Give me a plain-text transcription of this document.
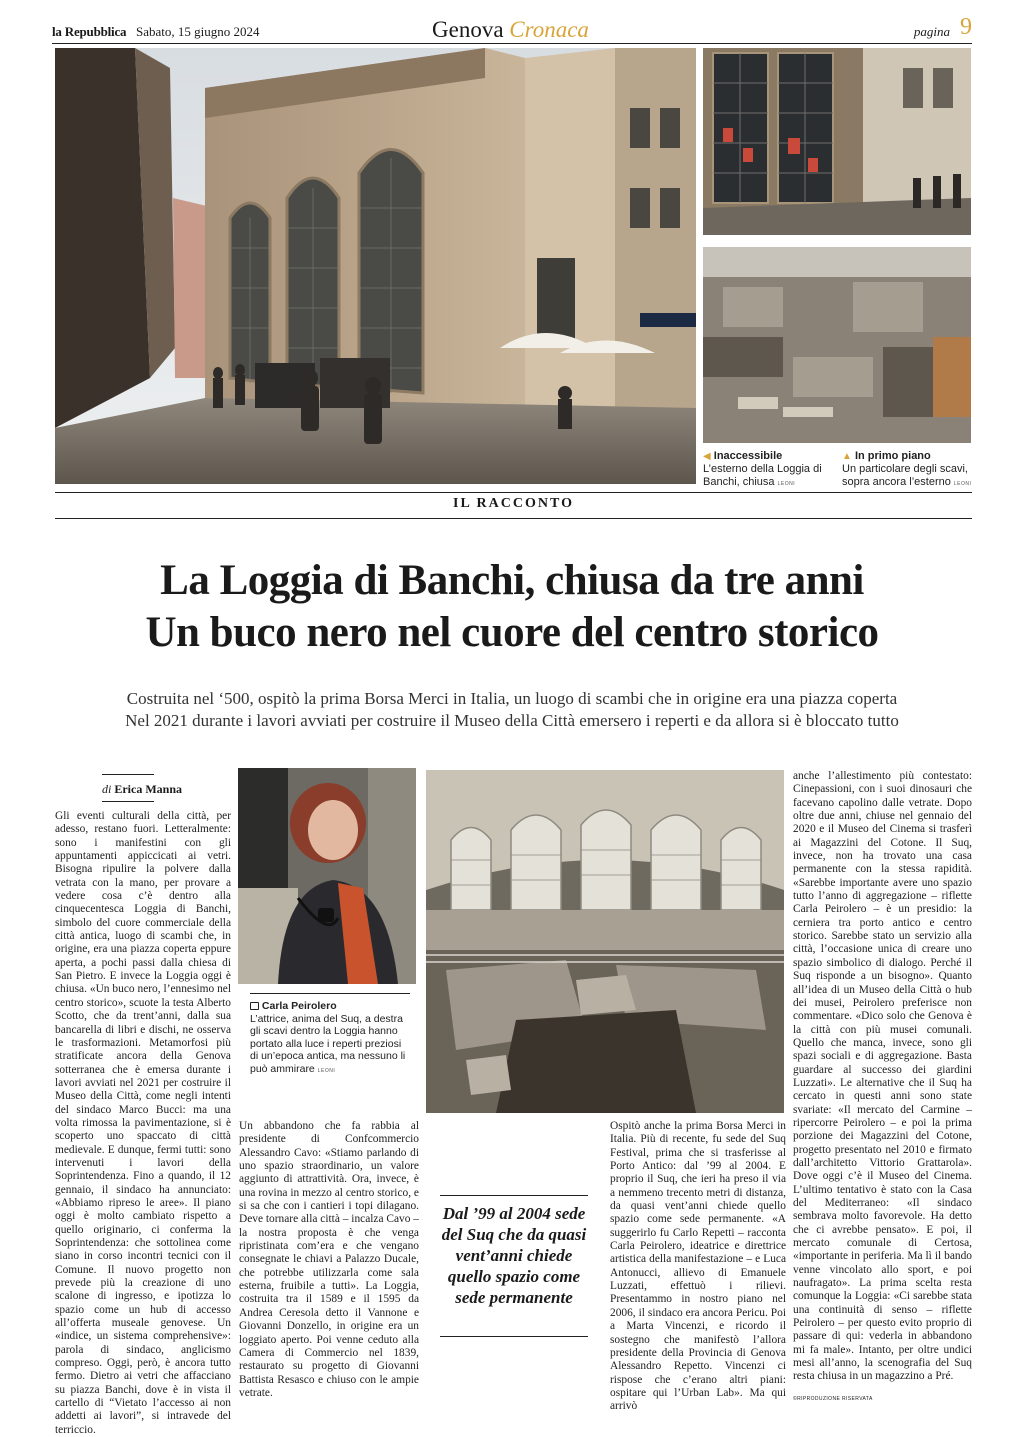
la Repubblica Sabato, 15 giugno 2024	Genova Cronaca	pagina 9
◀ Inaccessibile
L’esterno della Loggia di Banchi, chiusa LEONI
▲ In primo piano
Un particolare degli scavi, sopra ancora l’esterno LEONI
IL RACCONTO
La Loggia di Banchi, chiusa da tre anni
Un buco nero nel cuore del centro storico
Costruita nel ‘500, ospitò la prima Borsa Merci in Italia, un luogo di scambi che in origine era una piazza coperta
Nel 2021 durante i lavori avviati per costruire il Museo della Città emersero i reperti e da allora si è bloccato tutto
di Erica Manna

Gli eventi culturali della città, per adesso, restano fuori. Letteralmente: sono i manifestini con gli appuntamenti appiccicati ai vetri. Bisogna ripulire la polvere dalla vetrata con la mano, per provare a vedere cosa c’è dentro alla cinquecentesca Loggia di Banchi, simbolo del cuore commerciale della città antica, luogo di scambi che, in origine, era una piazza coperta eppure aperta, a pochi passi dalla chiesa di San Pietro. E invece la Loggia oggi è chiusa. «Un buco nero, l’ennesimo nel centro storico», scuote la testa Alberto Scotto, che da trent’anni, dalla sua bancarella di libri e dischi, ne osserva le trasformazioni. Metamorfosi più stratificate ancora della Genova sotterranea che è emersa durante i lavori avviati nel 2021 per costruire il Museo della Città, come negli intenti del sindaco Marco Bucci: ma una volta rimossa la pavimentazione, si è scoperto uno spaccato di città medievale. E dunque, fermi tutti: sono intervenuti i lavori della Soprintendenza. Fino a quando, il 12 gennaio, il sindaco ha annunciato: «Abbiamo ripreso le aree». Il piano oggi è molto cambiato rispetto a quello originario, ci conferma la Soprintendenza: che sottolinea come siano in corso incontri tecnici con il Comune. Il nuovo progetto non prevede più la creazione di uno scalone di ingresso, e ipotizza lo spazio come un hub di accesso all’offerta museale genovese. Un «indice, un sistema comprehensive»: parola di sindaco, anglicismo compreso. Oggi, però, è ancora tutto fermo. Dietro ai vetri che affacciano su piazza Banchi, dove è in vista il cartello di “Vietato l’accesso ai non addetti ai lavori”, si intravede del terriccio.

Carla Peirolero
L’attrice, anima del Suq, a destra gli scavi dentro la Loggia hanno portato alla luce i reperti preziosi di un’epoca antica, ma nessuno li può ammirare LEONI

Un abbandono che fa rabbia al presidente di Confcommercio Alessandro Cavo: «Stiamo parlando di uno spazio straordinario, un valore aggiunto di attrattività. Ora, invece, è una rovina in mezzo al centro storico, e si sa che con i cantieri i topi dilagano. Deve tornare alla città – incalza Cavo – la nostra proposta è che venga ripristinata com’era e che vengano consegnate le chiavi a Palazzo Ducale, che potrebbe utilizzarla come sala esterna, fruibile a tutti». La Loggia, costruita tra il 1589 e il 1595 da Andrea Ceresola detto il Vannone e Giovanni Donzello, in origine era un loggiato aperto. Poi venne ceduto alla Camera di Commercio nel 1839, restaurato su progetto di Giovanni Battista Resasco e chiuso con le ampie vetrate.

Dal ’99 al 2004 sede del Suq che da quasi vent’anni chiede quello spazio come sede permanente

Ospitò anche la prima Borsa Merci in Italia. Più di recente, fu sede del Suq Festival, prima che si trasferisse al Porto Antico: dal ’99 al 2004. E proprio il Suq, che ieri ha preso il via a nemmeno trecento metri di distanza, da quasi vent’anni chiede quello spazio come sede permanente. «A suggerirlo fu Carlo Repetti – racconta Carla Peirolero, ideatrice e direttrice artistica della manifestazione – e Luca Antonucci, allievo di Emanuele Luzzati, effettuò i rilievi. Presentammo in nostro piano nel 2006, il sindaco era ancora Pericu. Poi a Marta Vincenzi, e ricordo il sostegno che manifestò l’allora presidente della Provincia di Genova Alessandro Repetto. Vincenzi ci rispose che c’erano altri piani: ospitare qui l’Urban Lab». Ma qui arrivò

anche l’allestimento più contestato: Cinepassioni, con i suoi dinosauri che facevano capolino dalle vetrate. Dopo oltre due anni, chiuse nel gennaio del 2020 e il Museo del Cinema si trasferì ai Magazzini del Cotone. Il Suq, invece, non ha trovato una casa permanente con la stessa rapidità. «Sarebbe importante avere uno spazio tutto l’anno di aggregazione – riflette Carla Peirolero – è un presidio: la cerniera tra porto antico e centro storico. Sarebbe stato un servizio alla città, l’occasione unica di creare uno spazio simbolico di dialogo. Perché il Suq risponde a un bisogno». Quanto all’idea di un Museo della Città o hub dei musei, Peirolero preferisce non commentare. «Dico solo che Genova è la città con più musei comunali. Quello che manca, invece, sono gli spazi sociali e di aggregazione. Basta guardare al successo dei giardini Luzzati». Le alternative che il Suq ha cercato in questi anni sono state svariate: «Il mercato del Carmine – ripercorre Peirolero – e poi la prima porzione dei Magazzini del Cotone, progetto presentato nel 2010 e firmato dall’architetto Vittorio Grattarola». Dove oggi c’è il Museo del Cinema. L’ultimo tentativo è stato con la Casa del Mediterraneo: «Il sindaco sembrava molto favorevole. Ha detto che ci avrebbe pensato». E poi, il mercato comunale di Certosa, «importante in periferia. Ma lì il bando venne vincolato allo sport, e poi naufragato». La prima scelta resta comunque la Loggia: «Ci sarebbe stata una continuità di senso – riflette Peirolero – per questo evito proprio di passare di qui: vederla in abbandono mi fa male». Intanto, per oltre undici mesi all’anno, la scenografia del Suq resta chiusa in un magazzino a Pré.

©RIPRODUZIONE RISERVATA
